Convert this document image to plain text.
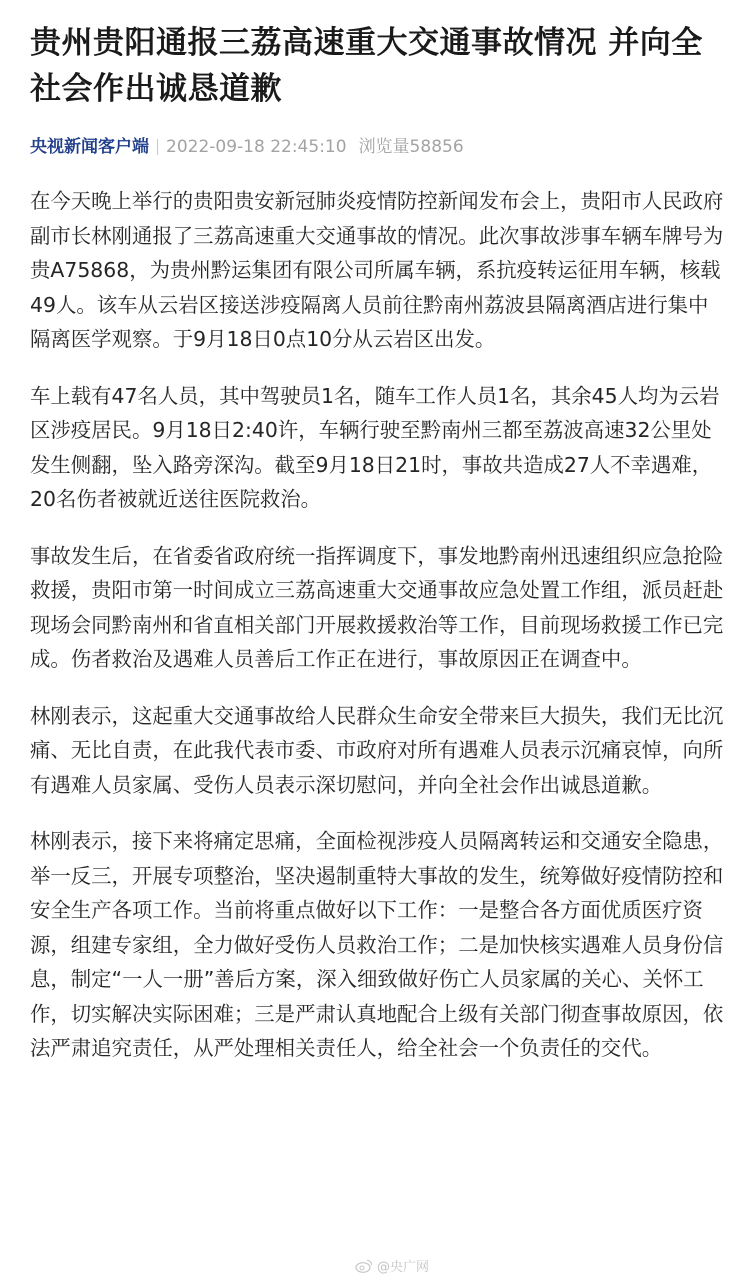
贵州贵阳通报三荔高速重大交通事故情况 并向全社会作出诚恳道歉
央视新闻客户端 2022-09-18 22:45:10 浏览量58856

在今天晚上举行的贵阳贵安新冠肺炎疫情防控新闻发布会上，贵阳市人民政府副市长林刚通报了三荔高速重大交通事故的情况。此次事故涉事车辆车牌号为贵A75868，为贵州黔运集团有限公司所属车辆，系抗疫转运征用车辆，核载49人。该车从云岩区接送涉疫隔离人员前往黔南州荔波县隔离酒店进行集中隔离医学观察。于9月18日0点10分从云岩区出发。

车上载有47名人员，其中驾驶员1名，随车工作人员1名，其余45人均为云岩区涉疫居民。9月18日2:40许，车辆行驶至黔南州三都至荔波高速32公里处发生侧翻，坠入路旁深沟。截至9月18日21时，事故共造成27人不幸遇难，20名伤者被就近送往医院救治。

事故发生后，在省委省政府统一指挥调度下，事发地黔南州迅速组织应急抢险救援，贵阳市第一时间成立三荔高速重大交通事故应急处置工作组，派员赶赴现场会同黔南州和省直相关部门开展救援救治等工作，目前现场救援工作已完成。伤者救治及遇难人员善后工作正在进行，事故原因正在调查中。

林刚表示，这起重大交通事故给人民群众生命安全带来巨大损失，我们无比沉痛、无比自责，在此我代表市委、市政府对所有遇难人员表示沉痛哀悼，向所有遇难人员家属、受伤人员表示深切慰问，并向全社会作出诚恳道歉。

林刚表示，接下来将痛定思痛，全面检视涉疫人员隔离转运和交通安全隐患，举一反三，开展专项整治，坚决遏制重特大事故的发生，统筹做好疫情防控和安全生产各项工作。当前将重点做好以下工作：一是整合各方面优质医疗资源，组建专家组，全力做好受伤人员救治工作；二是加快核实遇难人员身份信息，制定“一人一册”善后方案，深入细致做好伤亡人员家属的关心、关怀工作，切实解决实际困难；三是严肃认真地配合上级有关部门彻查事故原因，依法严肃追究责任，从严处理相关责任人，给全社会一个负责任的交代。

@央广网
